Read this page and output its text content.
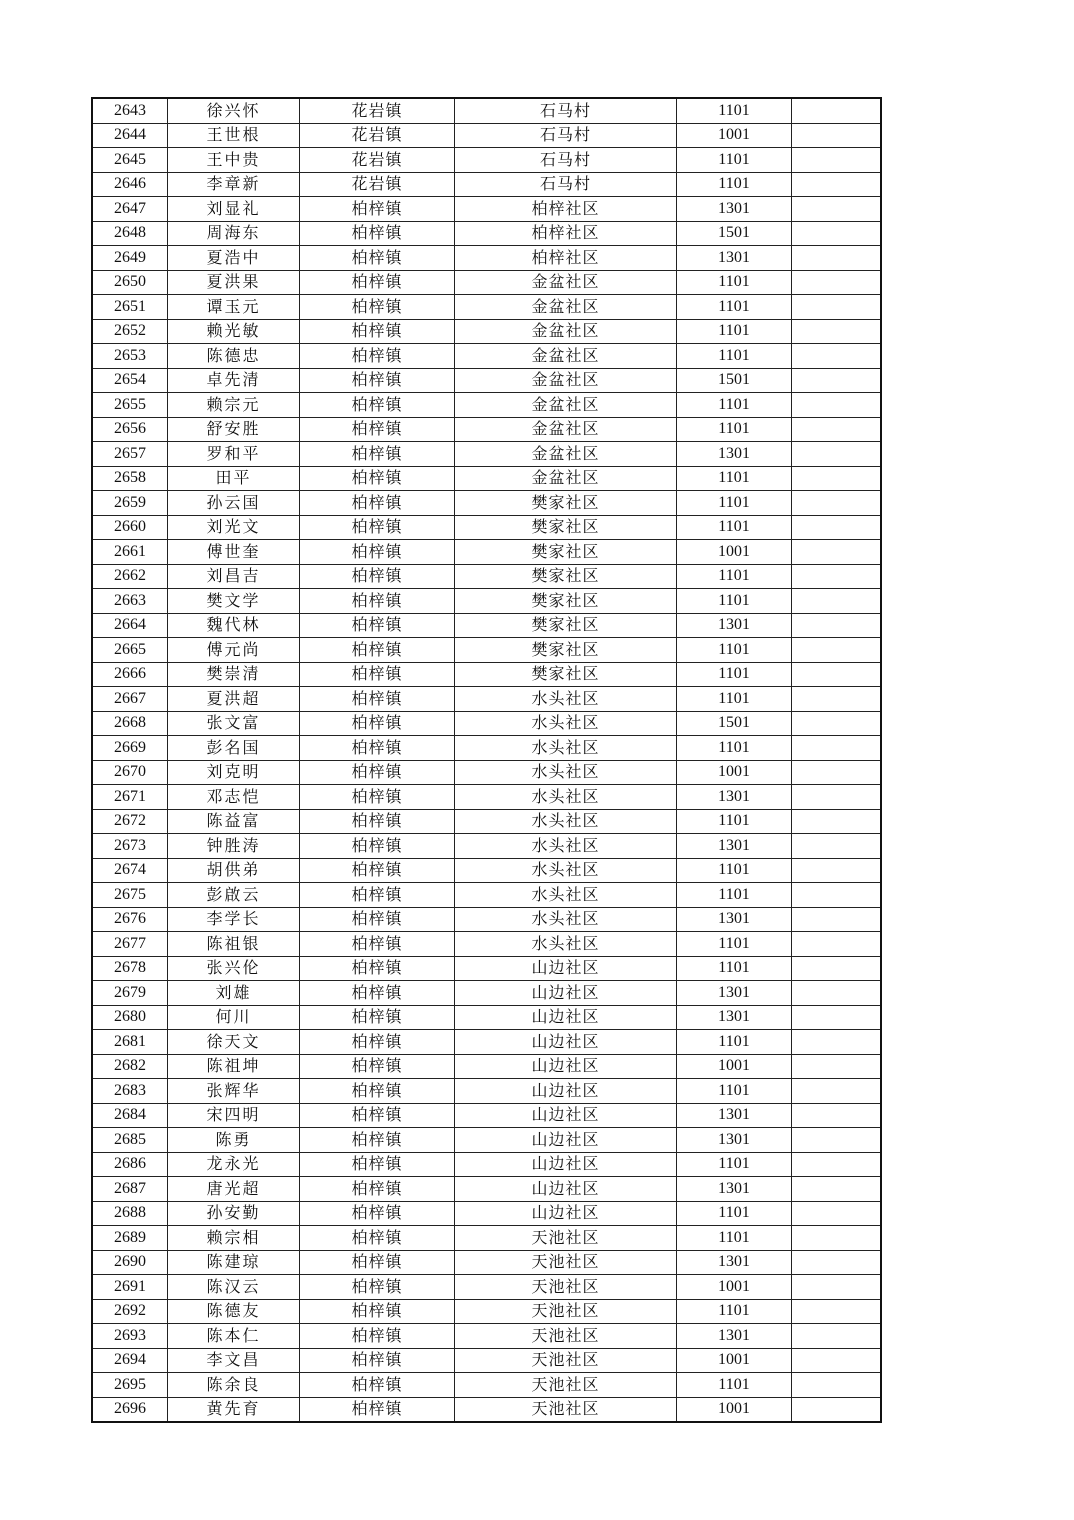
2643	徐兴怀	花岩镇	石马村	1101	
2644	王世根	花岩镇	石马村	1001	
2645	王中贵	花岩镇	石马村	1101	
2646	李章新	花岩镇	石马村	1101	
2647	刘显礼	柏梓镇	柏梓社区	1301	
2648	周海东	柏梓镇	柏梓社区	1501	
2649	夏浩中	柏梓镇	柏梓社区	1301	
2650	夏洪果	柏梓镇	金盆社区	1101	
2651	谭玉元	柏梓镇	金盆社区	1101	
2652	赖光敏	柏梓镇	金盆社区	1101	
2653	陈德忠	柏梓镇	金盆社区	1101	
2654	卓先清	柏梓镇	金盆社区	1501	
2655	赖宗元	柏梓镇	金盆社区	1101	
2656	舒安胜	柏梓镇	金盆社区	1101	
2657	罗和平	柏梓镇	金盆社区	1301	
2658	田平	柏梓镇	金盆社区	1101	
2659	孙云国	柏梓镇	樊家社区	1101	
2660	刘光文	柏梓镇	樊家社区	1101	
2661	傅世奎	柏梓镇	樊家社区	1001	
2662	刘昌吉	柏梓镇	樊家社区	1101	
2663	樊文学	柏梓镇	樊家社区	1101	
2664	魏代林	柏梓镇	樊家社区	1301	
2665	傅元尚	柏梓镇	樊家社区	1101	
2666	樊崇清	柏梓镇	樊家社区	1101	
2667	夏洪超	柏梓镇	水头社区	1101	
2668	张文富	柏梓镇	水头社区	1501	
2669	彭名国	柏梓镇	水头社区	1101	
2670	刘克明	柏梓镇	水头社区	1001	
2671	邓志恺	柏梓镇	水头社区	1301	
2672	陈益富	柏梓镇	水头社区	1101	
2673	钟胜涛	柏梓镇	水头社区	1301	
2674	胡供弟	柏梓镇	水头社区	1101	
2675	彭啟云	柏梓镇	水头社区	1101	
2676	李学长	柏梓镇	水头社区	1301	
2677	陈祖银	柏梓镇	水头社区	1101	
2678	张兴伦	柏梓镇	山边社区	1101	
2679	刘雄	柏梓镇	山边社区	1301	
2680	何川	柏梓镇	山边社区	1301	
2681	徐天文	柏梓镇	山边社区	1101	
2682	陈祖坤	柏梓镇	山边社区	1001	
2683	张辉华	柏梓镇	山边社区	1101	
2684	宋四明	柏梓镇	山边社区	1301	
2685	陈勇	柏梓镇	山边社区	1301	
2686	龙永光	柏梓镇	山边社区	1101	
2687	唐光超	柏梓镇	山边社区	1301	
2688	孙安勤	柏梓镇	山边社区	1101	
2689	赖宗相	柏梓镇	天池社区	1101	
2690	陈建琼	柏梓镇	天池社区	1301	
2691	陈汉云	柏梓镇	天池社区	1001	
2692	陈德友	柏梓镇	天池社区	1101	
2693	陈本仁	柏梓镇	天池社区	1301	
2694	李文昌	柏梓镇	天池社区	1001	
2695	陈余良	柏梓镇	天池社区	1101	
2696	黄先育	柏梓镇	天池社区	1001	
